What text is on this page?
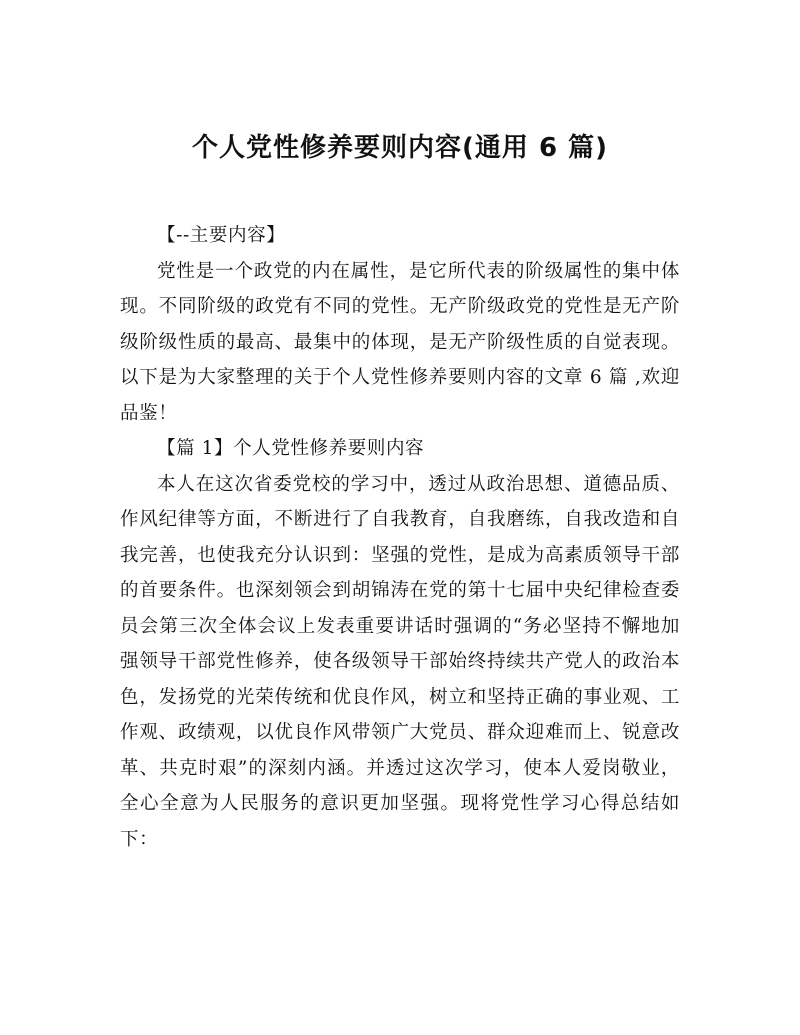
个人党性修养要则内容(通用 6 篇)

【--主要内容】

党性是一个政党的内在属性，是它所代表的阶级属性的集中体现。不同阶级的政党有不同的党性。无产阶级政党的党性是无产阶级阶级性质的最高、最集中的体现，是无产阶级性质的自觉表现。 以下是为大家整理的关于个人党性修养要则内容的文章 6 篇 ,欢迎品鉴！

【篇 1】个人党性修养要则内容

本人在这次省委党校的学习中，透过从政治思想、道德品质、作风纪律等方面，不断进行了自我教育，自我磨练，自我改造和自我完善，也使我充分认识到：坚强的党性，是成为高素质领导干部的首要条件。也深刻领会到胡锦涛在党的第十七届中央纪律检查委员会第三次全体会议上发表重要讲话时强调的“务必坚持不懈地加强领导干部党性修养，使各级领导干部始终持续共产党人的政治本色，发扬党的光荣传统和优良作风，树立和坚持正确的事业观、工作观、政绩观，以优良作风带领广大党员、群众迎难而上、锐意改革、共克时艰”的深刻内涵。并透过这次学习，使本人爱岗敬业，全心全意为人民服务的意识更加坚强。现将党性学习心得总结如下：
